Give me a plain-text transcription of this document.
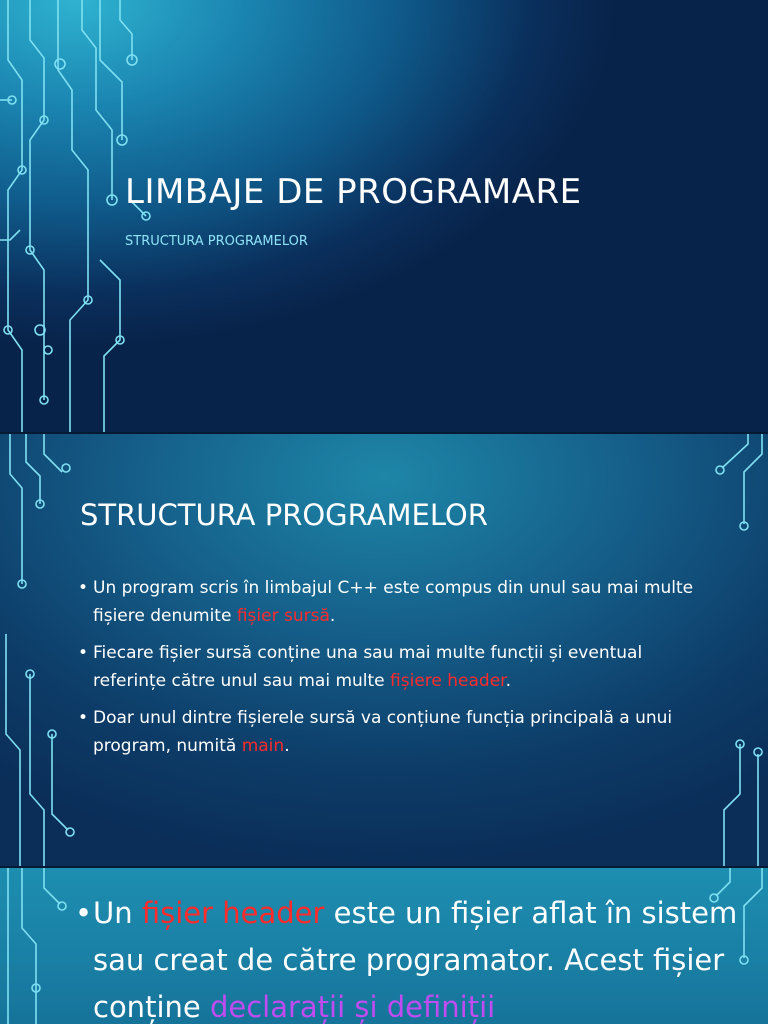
LIMBAJE DE PROGRAMARE
STRUCTURA PROGRAMELOR
STRUCTURA PROGRAMELOR
• Un program scris în limbajul C++ este compus din unul sau mai multe fișiere denumite fișier sursă.
• Fiecare fișier sursă conține una sau mai multe funcții și eventual referințe către unul sau mai multe fișiere header.
• Doar unul dintre fișierele sursă va conțiune funcția principală a unui program, numită main.
• Un fișier header este un fișier aflat în sistem sau creat de către programator. Acest fișier conține declarații și definiții
